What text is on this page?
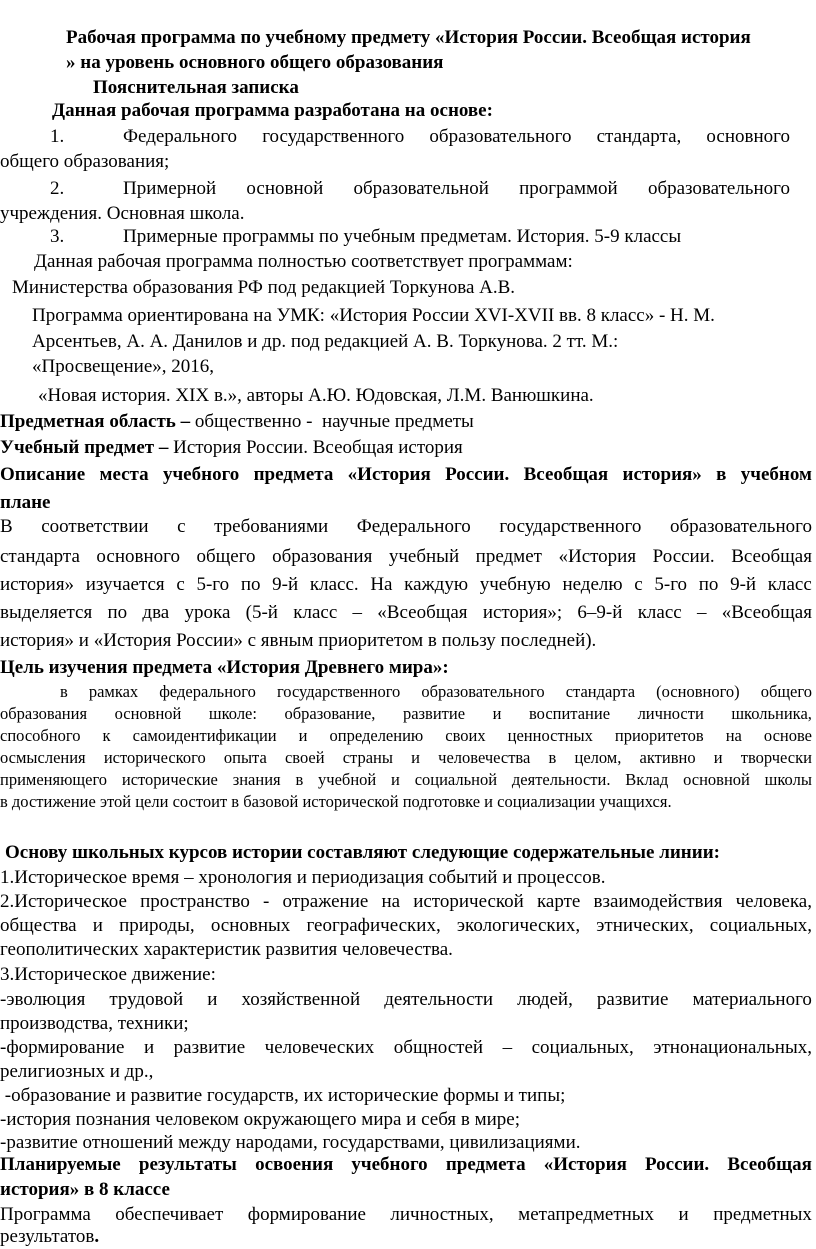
Рабочая программа по учебному предмету «История России. Всеобщая история
» на уровень основного общего образования
Пояснительная записка
Данная рабочая программа разработана на основе:
1.	Федерального государственного образовательного стандарта, основного
общего образования;
2.	Примерной основной образовательной программой образовательного
учреждения. Основная школа.
3.	Примерные программы по учебным предметам. История. 5-9 классы
Данная рабочая программа полностью соответствует программам:
Министерства образования РФ под редакцией Торкунова А.В.
Программа ориентирована на УМК: «История России XVI-XVII вв. 8 класс» - Н. М.
Арсентьев, А. А. Данилов и др. под редакцией А. В. Торкунова. 2 тт. М.:
«Просвещение», 2016,
«Новая история. XIX в.», авторы А.Ю. Юдовская, Л.М. Ванюшкина.
Предметная область – общественно -  научные предметы
Учебный предмет – История России. Всеобщая история
Описание места учебного предмета «История России. Всеобщая история» в учебном
плане
В соответствии с требованиями Федерального государственного образовательного
стандарта основного общего образования учебный предмет «История России. Всеобщая
история» изучается с 5-го по 9-й класс. На каждую учебную неделю с 5-го по 9-й класс
выделяется по два урока (5-й класс – «Всеобщая история»; 6–9-й класс – «Всеобщая
история» и «История России» с явным приоритетом в пользу последней).
Цель изучения предмета «История Древнего мира»:
в рамках федерального государственного образовательного стандарта (основного) общего
образования основной школе: образование, развитие и воспитание личности школьника,
способного к самоидентификации и определению своих ценностных приоритетов на основе
осмысления исторического опыта своей страны и человечества в целом, активно и творчески
применяющего исторические знания в учебной и социальной деятельности. Вклад основной школы
в достижение этой цели состоит в базовой исторической подготовке и социализации учащихся.
Основу школьных курсов истории составляют следующие содержательные линии:
1.Историческое время – хронология и периодизация событий и процессов.
2.Историческое пространство - отражение на исторической карте взаимодействия человека,
общества и природы, основных географических, экологических, этнических, социальных,
геополитических характеристик развития человечества.
3.Историческое движение:
-эволюция трудовой и хозяйственной деятельности людей, развитие материального
производства, техники;
-формирование и развитие человеческих общностей – социальных, этнонациональных,
религиозных и др.,
-образование и развитие государств, их исторические формы и типы;
-история познания человеком окружающего мира и себя в мире;
-развитие отношений между народами, государствами, цивилизациями.
Планируемые результаты освоения учебного предмета «История России. Всеобщая
история» в 8 классе
Программа обеспечивает формирование личностных, метапредметных и предметных
результатов.
